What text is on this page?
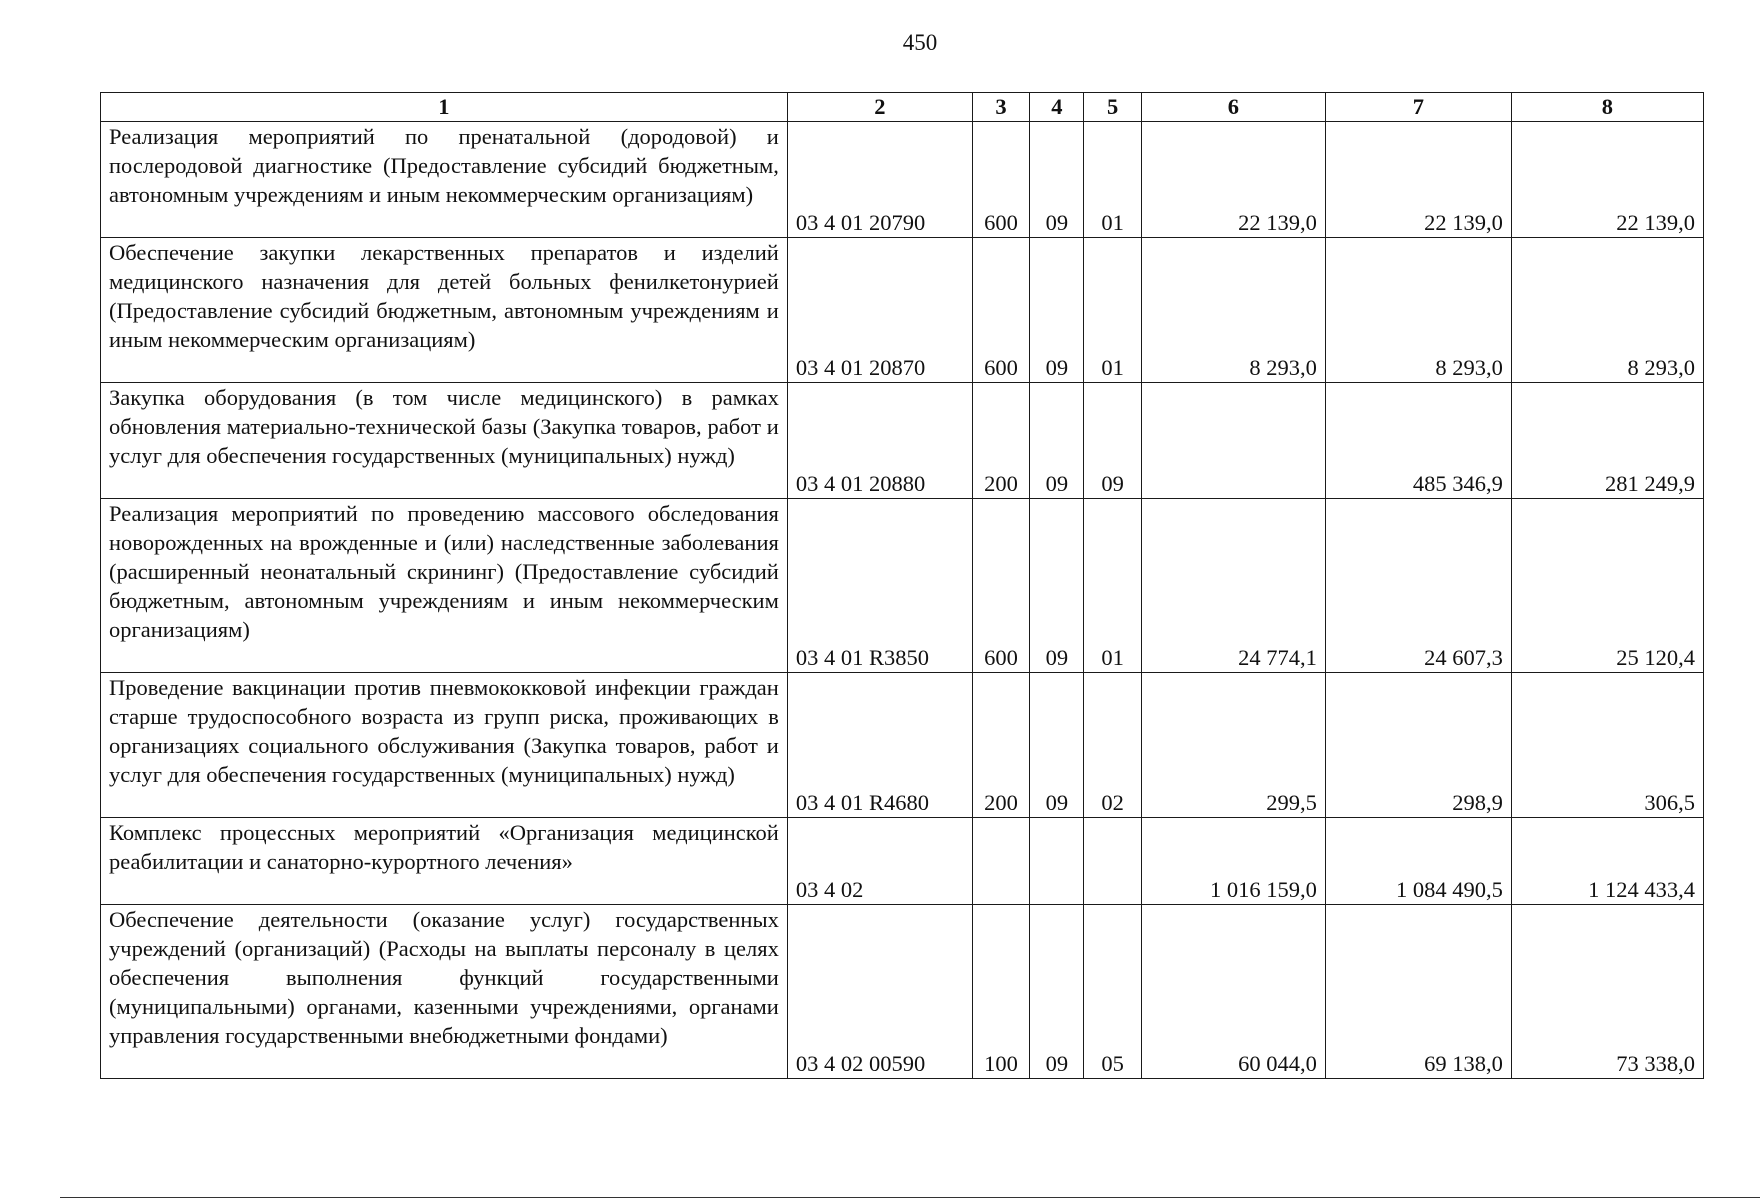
450
1	2	3	4	5	6	7	8
Реализация мероприятий по пренатальной (дородовой) и послеродовой диагностике (Предоставление субсидий бюджетным, автономным учреждениям и иным некоммерческим организациям)	03 4 01 20790	600	09	01	22 139,0	22 139,0	22 139,0
Обеспечение закупки лекарственных препаратов и изделий медицинского назначения для детей больных фенилкетонурией (Предоставление субсидий бюджетным, автономным учреждениям и иным некоммерческим организациям)	03 4 01 20870	600	09	01	8 293,0	8 293,0	8 293,0
Закупка оборудования (в том числе медицинского) в рамках обновления материально-технической базы (Закупка товаров, работ и услуг для обеспечения государственных (муниципальных) нужд)	03 4 01 20880	200	09	09		485 346,9	281 249,9
Реализация мероприятий по проведению массового обследования новорожденных на врожденные и (или) наследственные заболевания (расширенный неонатальный скрининг) (Предоставление субсидий бюджетным, автономным учреждениям и иным некоммерческим организациям)	03 4 01 R3850	600	09	01	24 774,1	24 607,3	25 120,4
Проведение вакцинации против пневмококковой инфекции граждан старше трудоспособного возраста из групп риска, проживающих в организациях социального обслуживания (Закупка товаров, работ и услуг для обеспечения государственных (муниципальных) нужд)	03 4 01 R4680	200	09	02	299,5	298,9	306,5
Комплекс процессных мероприятий «Организация медицинской реабилитации и санаторно-курортного лечения»	03 4 02				1 016 159,0	1 084 490,5	1 124 433,4
Обеспечение деятельности (оказание услуг) государственных учреждений (организаций) (Расходы на выплаты персоналу в целях обеспечения выполнения функций государственными (муниципальными) органами, казенными учреждениями, органами управления государственными внебюджетными фондами)	03 4 02 00590	100	09	05	60 044,0	69 138,0	73 338,0
